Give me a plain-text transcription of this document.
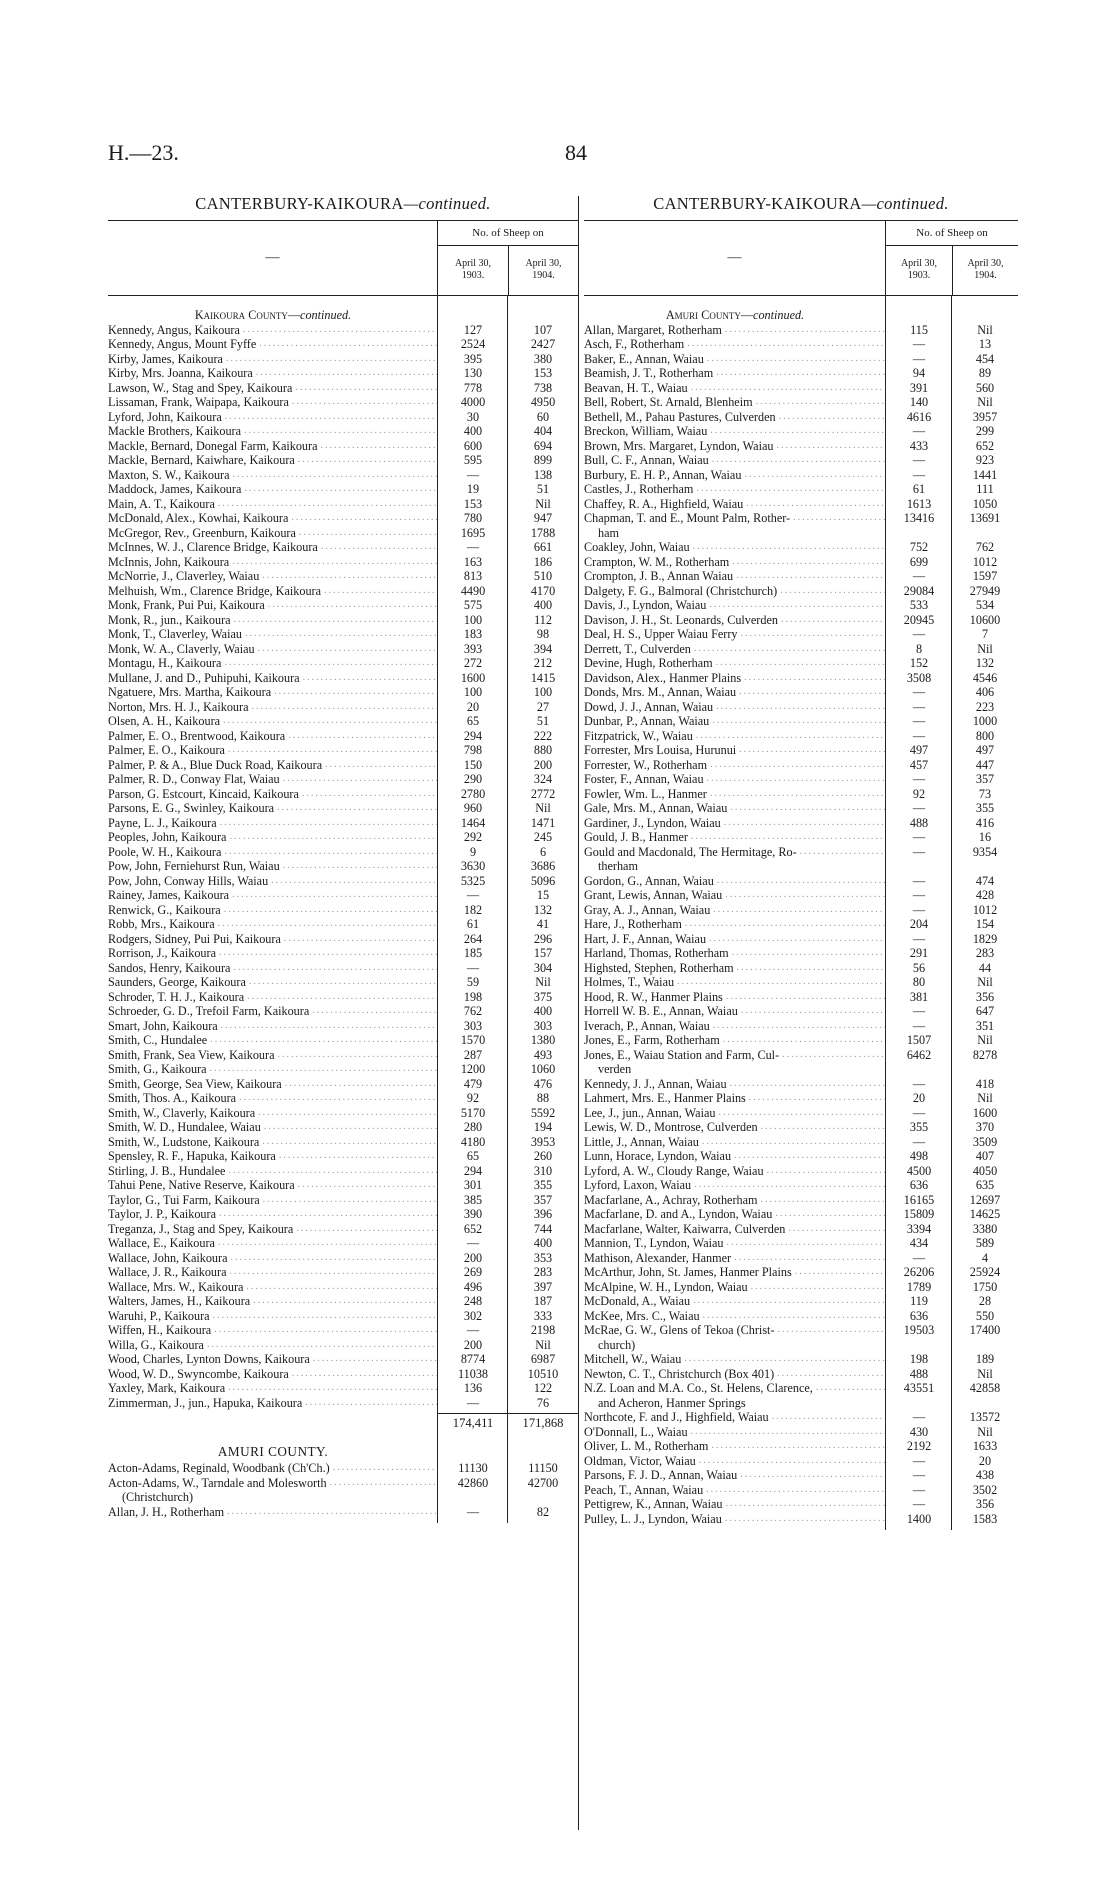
H.—23.	84
CANTERBURY-KAIKOURA—continued.
—
No. of Sheep on
April 30,
1903.
April 30,
1904.
Kaikoura County— continued.
Kennedy, Angus, Kaikoura .....	127	107
Kennedy, Angus, Mount Fyffe .....	2524	2427
Kirby, James, Kaikoura .....	395	380
Kirby, Mrs. Joanna, Kaikoura .....	130	153
Lawson, W., Stag and Spey, Kaikoura .....	778	738
Lissaman, Frank, Waipapa, Kaikoura .....	4000	4950
Lyford, John, Kaikoura .....	30	60
Mackle Brothers, Kaikoura .....	400	404
Mackle, Bernard, Donegal Farm, Kaikoura .....	600	694
Mackle, Bernard, Kaiwhare, Kaikoura .....	595	899
Maxton, S. W., Kaikoura .....	—	138
Maddock, James, Kaikoura .....	19	51
Main, A. T., Kaikoura .....	153	Nil
McDonald, Alex., Kowhai, Kaikoura .....	780	947
McGregor, Rev., Greenburn, Kaikoura .....	1695	1788
McInnes, W. J., Clarence Bridge, Kaikoura .....	—	661
McInnis, John, Kaikoura .....	163	186
McNorrie, J., Claverley, Waiau .....	813	510
Melhuish, Wm., Clarence Bridge, Kaikoura .....	4490	4170
Monk, Frank, Pui Pui, Kaikoura .....	575	400
Monk, R., jun., Kaikoura .....	100	112
Monk, T., Claverley, Waiau .....	183	98
Monk, W. A., Claverly, Waiau .....	393	394
Montagu, H., Kaikoura .....	272	212
Mullane, J. and D., Puhipuhi, Kaikoura .....	1600	1415
Ngatuere, Mrs. Martha, Kaikoura .....	100	100
Norton, Mrs. H. J., Kaikoura .....	20	27
Olsen, A. H., Kaikoura .....	65	51
Palmer, E. O., Brentwood, Kaikoura .....	294	222
Palmer, E. O., Kaikoura .....	798	880
Palmer, P. & A., Blue Duck Road, Kaikoura .....	150	200
Palmer, R. D., Conway Flat, Waiau .....	290	324
Parson, G. Estcourt, Kincaid, Kaikoura .....	2780	2772
Parsons, E. G., Swinley, Kaikoura .....	960	Nil
Payne, L. J., Kaikoura .....	1464	1471
Peoples, John, Kaikoura .....	292	245
Poole, W. H., Kaikoura .....	9	6
Pow, John, Ferniehurst Run, Waiau .....	3630	3686
Pow, John, Conway Hills, Waiau .....	5325	5096
Rainey, James, Kaikoura .....	—	15
Renwick, G., Kaikoura .....	182	132
Robb, Mrs., Kaikoura .....	61	41
Rodgers, Sidney, Pui Pui, Kaikoura .....	264	296
Rorrison, J., Kaikoura .....	185	157
Sandos, Henry, Kaikoura .....	—	304
Saunders, George, Kaikoura .....	59	Nil
Schroder, T. H. J., Kaikoura .....	198	375
Schroeder, G. D., Trefoil Farm, Kaikoura .....	762	400
Smart, John, Kaikoura .....	303	303
Smith, C., Hundalee .....	1570	1380
Smith, Frank, Sea View, Kaikoura .....	287	493
Smith, G., Kaikoura .....	1200	1060
Smith, George, Sea View, Kaikoura .....	479	476
Smith, Thos. A., Kaikoura .....	92	88
Smith, W., Claverly, Kaikoura .....	5170	5592
Smith, W. D., Hundalee, Waiau .....	280	194
Smith, W., Ludstone, Kaikoura .....	4180	3953
Spensley, R. F., Hapuka, Kaikoura .....	65	260
Stirling, J. B., Hundalee .....	294	310
Tahui Pene, Native Reserve, Kaikoura .....	301	355
Taylor, G., Tui Farm, Kaikoura .....	385	357
Taylor, J. P., Kaikoura .....	390	396
Treganza, J., Stag and Spey, Kaikoura .....	652	744
Wallace, E., Kaikoura .....	—	400
Wallace, John, Kaikoura .....	200	353
Wallace, J. R., Kaikoura .....	269	283
Wallace, Mrs. W., Kaikoura .....	496	397
Walters, James, H., Kaikoura .....	248	187
Waruhi, P., Kaikoura .....	302	333
Wiffen, H., Kaikoura .....	—	2198
Willa, G., Kaikoura .....	200	Nil
Wood, Charles, Lynton Downs, Kaikoura .....	8774	6987
Wood, W. D., Swyncombe, Kaikoura .....	11038	10510
Yaxley, Mark, Kaikoura .....	136	122
Zimmerman, J., jun., Hapuka, Kaikoura .....	—	76
174,411	171,868
AMURI COUNTY.
Acton-Adams, Reginald, Woodbank (Ch'Ch.) .....	11130	11150
Acton-Adams, W., Tarndale and Molesworth .....	42860	42700
(Christchurch)
Allan, J. H., Rotherham .....	—	82
CANTERBURY-KAIKOURA—continued.
—
No. of Sheep on
April 30,
1903.
April 30,
1904.
Amuri County— continued.
Allan, Margaret, Rotherham .....	115	Nil
Asch, F., Rotherham .....	—	13
Baker, E., Annan, Waiau .....	—	454
Beamish, J. T., Rotherham .....	94	89
Beavan, H. T., Waiau .....	391	560
Bell, Robert, St. Arnald, Blenheim .....	140	Nil
Bethell, M., Pahau Pastures, Culverden .....	4616	3957
Breckon, William, Waiau .....	—	299
Brown, Mrs. Margaret, Lyndon, Waiau .....	433	652
Bull, C. F., Annan, Waiau .....	—	923
Burbury, E. H. P., Annan, Waiau .....	—	1441
Castles, J., Rotherham .....	61	111
Chaffey, R. A., Highfield, Waiau .....	1613	1050
Chapman, T. and E., Mount Palm, Rother- .....	13416	13691
ham
Coakley, John, Waiau .....	752	762
Crampton, W. M., Rotherham .....	699	1012
Crompton, J. B., Annan Waiau .....	—	1597
Dalgety, F. G., Balmoral (Christchurch) .....	29084	27949
Davis, J., Lyndon, Waiau .....	533	534
Davison, J. H., St. Leonards, Culverden .....	20945	10600
Deal, H. S., Upper Waiau Ferry .....	—	7
Derrett, T., Culverden .....	8	Nil
Devine, Hugh, Rotherham .....	152	132
Davidson, Alex., Hanmer Plains .....	3508	4546
Donds, Mrs. M., Annan, Waiau .....	—	406
Dowd, J. J., Annan, Waiau .....	—	223
Dunbar, P., Annan, Waiau .....	—	1000
Fitzpatrick, W., Waiau .....	—	800
Forrester, Mrs Louisa, Hurunui .....	497	497
Forrester, W., Rotherham .....	457	447
Foster, F., Annan, Waiau .....	—	357
Fowler, Wm. L., Hanmer .....	92	73
Gale, Mrs. M., Annan, Waiau .....	—	355
Gardiner, J., Lyndon, Waiau .....	488	416
Gould, J. B., Hanmer .....	—	16
Gould and Macdonald, The Hermitage, Ro- .....	—	9354
therham
Gordon, G., Annan, Waiau .....	—	474
Grant, Lewis, Annan, Waiau .....	—	428
Gray, A. J., Annan, Waiau .....	—	1012
Hare, J., Rotherham .....	204	154
Hart, J. F., Annan, Waiau .....	—	1829
Harland, Thomas, Rotherham .....	291	283
Highsted, Stephen, Rotherham .....	56	44
Holmes, T., Waiau .....	80	Nil
Hood, R. W., Hanmer Plains .....	381	356
Horrell W. B. E., Annan, Waiau .....	—	647
Iverach, P., Annan, Waiau .....	—	351
Jones, E., Farm, Rotherham .....	1507	Nil
Jones, E., Waiau Station and Farm, Cul- .....	6462	8278
verden
Kennedy, J. J., Annan, Waiau .....	—	418
Lahmert, Mrs. E., Hanmer Plains .....	20	Nil
Lee, J., jun., Annan, Waiau .....	—	1600
Lewis, W. D., Montrose, Culverden .....	355	370
Little, J., Annan, Waiau .....	—	3509
Lunn, Horace, Lyndon, Waiau .....	498	407
Lyford, A. W., Cloudy Range, Waiau .....	4500	4050
Lyford, Laxon, Waiau .....	636	635
Macfarlane, A., Achray, Rotherham .....	16165	12697
Macfarlane, D. and A., Lyndon, Waiau .....	15809	14625
Macfarlane, Walter, Kaiwarra, Culverden .....	3394	3380
Mannion, T., Lyndon, Waiau .....	434	589
Mathison, Alexander, Hanmer .....	—	4
McArthur, John, St. James, Hanmer Plains .....	26206	25924
McAlpine, W. H., Lyndon, Waiau .....	1789	1750
McDonald, A., Waiau .....	119	28
McKee, Mrs. C., Waiau .....	636	550
McRae, G. W., Glens of Tekoa (Christ- .....	19503	17400
church)
Mitchell, W., Waiau .....	198	189
Newton, C. T., Christchurch (Box 401) .....	488	Nil
N.Z. Loan and M.A. Co., St. Helens, Clarence, .....	43551	42858
and Acheron, Hanmer Springs
Northcote, F. and J., Highfield, Waiau .....	—	13572
O'Donnall, L., Waiau .....	430	Nil
Oliver, L. M., Rotherham .....	2192	1633
Oldman, Victor, Waiau .....	—	20
Parsons, F. J. D., Annan, Waiau .....	—	438
Peach, T., Annan, Waiau .....	—	3502
Pettigrew, K., Annan, Waiau .....	—	356
Pulley, L. J., Lyndon, Waiau .....	1400	1583
